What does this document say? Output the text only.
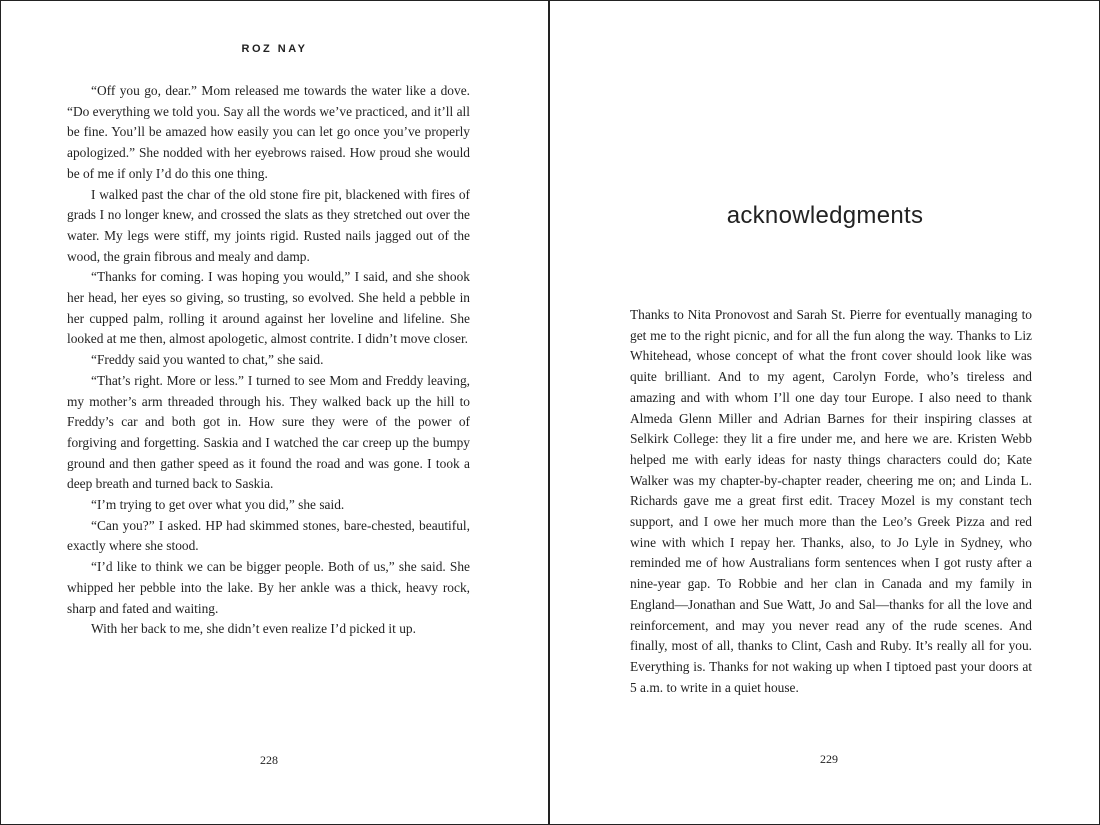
ROZ NAY
228

“Off you go, dear.” Mom released me towards the water like a dove. “Do everything we told you. Say all the words we’ve practiced, and it’ll all be fine. You’ll be amazed how easily you can let go once you’ve properly apologized.” She nodded with her eyebrows raised. How proud she would be of me if only I’d do this one thing.

I walked past the char of the old stone fire pit, blackened with fires of grads I no longer knew, and crossed the slats as they stretched out over the water. My legs were stiff, my joints rigid. Rusted nails jagged out of the wood, the grain fibrous and mealy and damp.

“Thanks for coming. I was hoping you would,” I said, and she shook her head, her eyes so giving, so trusting, so evolved. She held a pebble in her cupped palm, rolling it around against her loveline and lifeline. She looked at me then, almost apologetic, almost contrite. I didn’t move closer.

“Freddy said you wanted to chat,” she said.

“That’s right. More or less.” I turned to see Mom and Freddy leaving, my mother’s arm threaded through his. They walked back up the hill to Freddy’s car and both got in. How sure they were of the power of forgiving and forgetting. Saskia and I watched the car creep up the bumpy ground and then gather speed as it found the road and was gone. I took a deep breath and turned back to Saskia.

“I’m trying to get over what you did,” she said.

“Can you?” I asked. HP had skimmed stones, bare-chested, beautiful, exactly where she stood.

“I’d like to think we can be bigger people. Both of us,” she said. She whipped her pebble into the lake. By her ankle was a thick, heavy rock, sharp and fated and waiting.

With her back to me, she didn’t even realize I’d picked it up.

acknowledgments

Thanks to Nita Pronovost and Sarah St. Pierre for eventually managing to get me to the right picnic, and for all the fun along the way. Thanks to Liz Whitehead, whose concept of what the front cover should look like was quite brilliant. And to my agent, Carolyn Forde, who’s tireless and amazing and with whom I’ll one day tour Europe. I also need to thank Almeda Glenn Miller and Adrian Barnes for their inspiring classes at Selkirk College: they lit a fire under me, and here we are. Kristen Webb helped me with early ideas for nasty things characters could do; Kate Walker was my chapter-by-chapter reader, cheering me on; and Linda L. Richards gave me a great first edit. Tracey Mozel is my constant tech support, and I owe her much more than the Leo’s Greek Pizza and red wine with which I repay her. Thanks, also, to Jo Lyle in Sydney, who reminded me of how Australians form sentences when I got rusty after a nine-year gap. To Robbie and her clan in Canada and my family in England—Jonathan and Sue Watt, Jo and Sal—thanks for all the love and reinforcement, and may you never read any of the rude scenes. And finally, most of all, thanks to Clint, Cash and Ruby. It’s really all for you. Everything is. Thanks for not waking up when I tiptoed past your doors at 5 a.m. to write in a quiet house.

229
